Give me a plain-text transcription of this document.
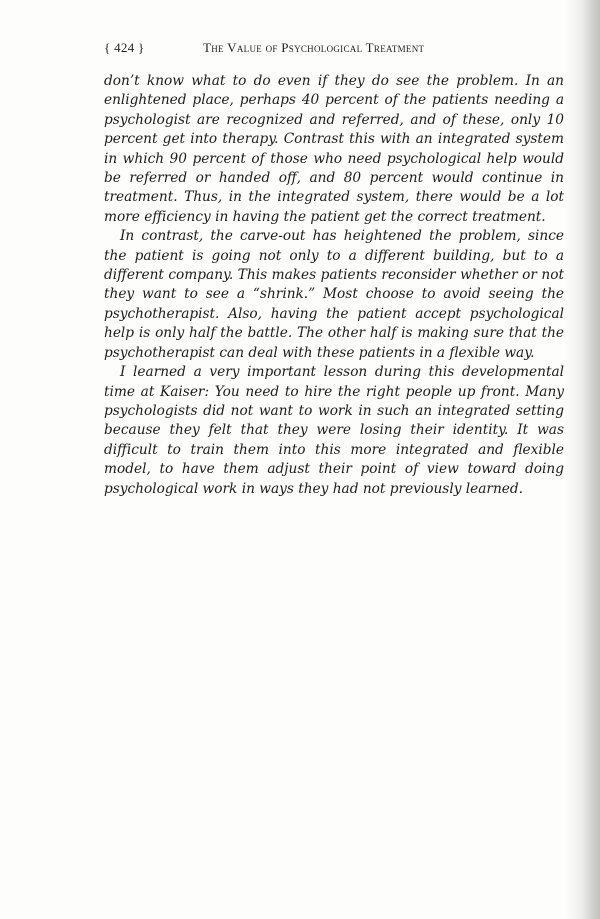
{ 424 }	The Value of Psychological Treatment

don’t know what to do even if they do see the problem. In an enlightened place, perhaps 40 percent of the patients needing a psychologist are recognized and referred, and of these, only 10 percent get into therapy. Contrast this with an integrated system in which 90 percent of those who need psychological help would be referred or handed off, and 80 percent would continue in treatment. Thus, in the integrated system, there would be a lot more efficiency in having the patient get the correct treatment.

In contrast, the carve-out has heightened the problem, since the patient is going not only to a different building, but to a different company. This makes patients reconsider whether or not they want to see a “shrink.” Most choose to avoid seeing the psychotherapist. Also, having the patient accept psychological help is only half the battle. The other half is making sure that the psychotherapist can deal with these patients in a flexible way.

I learned a very important lesson during this developmental time at Kaiser: You need to hire the right people up front. Many psychologists did not want to work in such an integrated setting because they felt that they were losing their identity. It was difficult to train them into this more integrated and flexible model, to have them adjust their point of view toward doing psychological work in ways they had not previously learned.
